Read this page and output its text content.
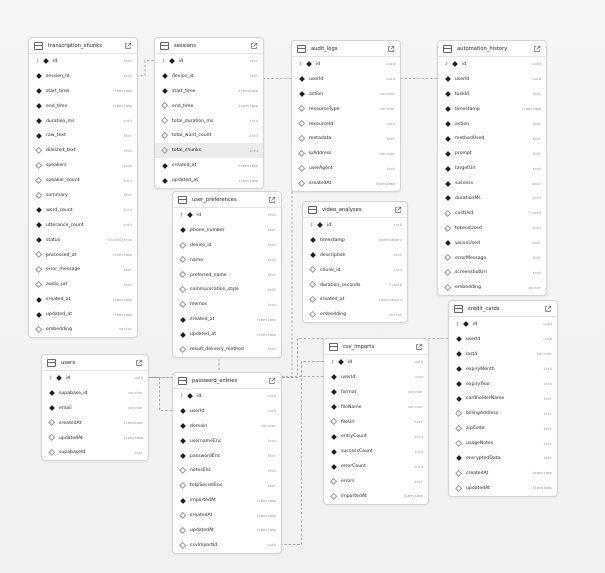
transcription_chunks
⚷	id	text
session_id	text
start_time	timestamp
end_time	timestamp
duration_ms	int4
raw_text	text
diarized_text	text
speakers	jsonb
speaker_count	int4
summary	text
word_count	int4
utterance_count	int4
status	ChunkStatus
processed_at	timestamp
error_message	text
audio_url	text
created_at	timestamp
updated_at	timestamp
embedding	vector
sessions
⚷	id	text
device_id	text
start_time	timestamp
end_time	timestamp
total_duration_ms	int4
total_word_count	int4
total_chunks	int4
created_at	timestamp
updated_at	timestamp
audit_logs
⚷	id	uuid
userId	uuid
action	varchar
resourceType	varchar
resourceId	uuid
metadata	text
ipAddress	varchar
userAgent	text
createdAt	timestamp
automation_history
⚷	id	uuid
userId	uuid
taskId	text
timestamp	timestamp
action	text
methodUsed	text
prompt	text
targetUrl	text
success	bool
durationMs	int4
costUsd	float8
tokensUsed	int4
visionUsed	bool
errorMessage	text
screenshotUrl	text
embedding	vector
user_preferences
⚷	id	text
phone_number	text
device_id	text
name	text
preferred_name	text
communication_style	text
memos	text
created_at	timestamp
updated_at	timestamp
result_delivery_method	text
video_analyses
⚷	id	int8
timestamp	timestamptz
description	text
chunk_id	int4
duration_seconds	float8
created_at	timestamptz
embedding	vector
credit_cards
⚷	id	uuid
userId	uuid
last4	varchar
expiryMonth	int4
expiryYear	int4
cardholderName	text
billingAddress	text
zipCode	text
usageNotes	text
encryptedData	text
createdAt	timestamp
updatedAt	timestamp
users
⚷	id	uuid
supabase_id	varchar
email	varchar
createdAt	timestamp
updatedAt	timestamp
supabaseId	text
password_entries
⚷	id	uuid
userId	uuid
domain	varchar
usernameEnc	text
passwordEnc	text
notesEnc	text
totpSecretEnc	text
importedAt	timestamp
createdAt	timestamp
updatedAt	timestamp
csvImportId	uuid
csv_imports
⚷	id	uuid
userId	uuid
format	varchar
fileName	varchar
fileUrl	text
entryCount	int4
successCount	int4
errorCount	int4
errors	text
importedAt	timestamp
